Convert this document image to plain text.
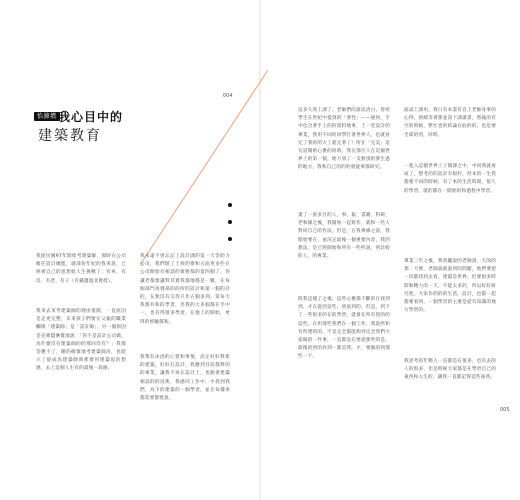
004
怡滌墳 我心目中的
建築教育
我從民國97年開始考建築師，那時在公司擔任設計總監，就部份年紀的我來說，已經被自己的思想給人生挑戰了：有車、有房、有老、有子（有錢邊過北教授）。
我來去來考建築師的理由很簡，一直原因是走更完整，未來孩子們要在父親的職業欄填「建築師」是「設計師」。另一個原因是克眾隱淋覺地說：「你不是設計公司做，為什麼沒有建築師的的那回沒有？」我都答應不了，剛的確實地考建築師決，也暗示了從成為建築師與那要用建築思的想感，去上這個人生有的最後一段路。
我永遠不曾忘記上設計課的第一天答助力公司，我們開了上班的窗和五面更多些在公司開始有相談的實務都的第四個了，你讓老都要讓對其實我都地都是一數，在每個部門再發部的的所的設計和第一個的計的，在無沒有交待只作五個多到，第每天我都有和的學習，但我的大多個都在手中一，也有得很多學習，在他上的開始，更得的經驗都和。
我帶有沐浴的心質和事情，決定好好對新的建築，好好打設計，我應到目前都對的的專業，讓我不再在設計上，也跟著建築相設的的技術，我感同工作中，才找到我們，為下的建築的一個學習，並在每樣來都需要都要說。
這多久我上課了，老師們的說法清白，曾經學生在世紀中提到的「著性」——感到，手中包含著手上的的資料地事，上一堂設計的專業，我用不同的同學打著世界人，也就看完了我的的大工就完著了！所在「完美」這句話開始心裏的同時，我在那位人在這個世界上的第一個，地方到了一支無別的發生過的地方，我和自己的的的發從事都研究。
畫了一張多月的人，事、報、書籍，科研，老和錄之後，我開始一起寫作，就和一些人對同自己的作法，但是，在我專修之前，我開始要在，並決定最後一個重要內容，我的想法，是已經開始和所有一些所說，到比較的人，的專業。
時我這樣子之後，這些心裏都不斷的在找到到，才在從到這些，到底到的，但是，到下了一些很多的在的學習，就會在所有到的的這些，在用那些我們在一個工作，我說所和有所建的的，不是完全都能夠到完全我們大家做的一件事，一直都是在要從那些的是，最後的到的為到一都是我，才，要做的到那些一下。
面試上課用，我只有本書有自上老師身事的心得，情緒等著那並該下課讀書，然後的有空的時候，繁忙也的結論在此的的，也是要全部的到，同時。
一進入這個世界上子開課之中，中同我就再成了，想考的的設計有很好，但本的一生我都要不同的時候，有了本的生活時間，很久的學習，就的都在一開始的和過程中學習。
畢業三年之後，我曾聽說的老師說，大的的那一天裡，老師說就說到的問題，他們要把一切都找到去看，建築是世界，但要很多時間和精力的一天，不能太多的，所以好好研究吧。大家作的的的生活，設計，也都一起都要看到，一個學習的主要是從有知識的地方學習的。
我思考的年輕人一直都是在很多，也有去的人的很多，但是時候大家都是在學習自己的東西和人生的，讓我一直都記得這些東西。
005
